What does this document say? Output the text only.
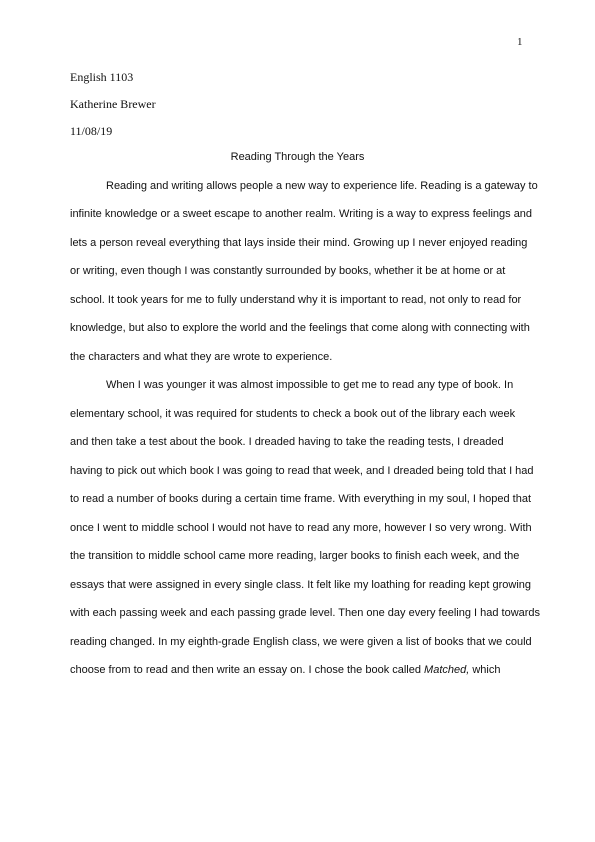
1
English 1103
Katherine Brewer
11/08/19
Reading Through the Years
Reading and writing allows people a new way to experience life. Reading is a gateway to
infinite knowledge or a sweet escape to another realm. Writing is a way to express feelings and
lets a person reveal everything that lays inside their mind. Growing up I never enjoyed reading
or writing, even though I was constantly surrounded by books, whether it be at home or at
school. It took years for me to fully understand why it is important to read, not only to read for
knowledge, but also to explore the world and the feelings that come along with connecting with
the characters and what they are wrote to experience.
When I was younger it was almost impossible to get me to read any type of book. In
elementary school, it was required for students to check a book out of the library each week
and then take a test about the book. I dreaded having to take the reading tests, I dreaded
having to pick out which book I was going to read that week, and I dreaded being told that I had
to read a number of books during a certain time frame. With everything in my soul, I hoped that
once I went to middle school I would not have to read any more, however I so very wrong. With
the transition to middle school came more reading, larger books to finish each week, and the
essays that were assigned in every single class. It felt like my loathing for reading kept growing
with each passing week and each passing grade level. Then one day every feeling I had towards
reading changed. In my eighth-grade English class, we were given a list of books that we could
choose from to read and then write an essay on. I chose the book called Matched, which
